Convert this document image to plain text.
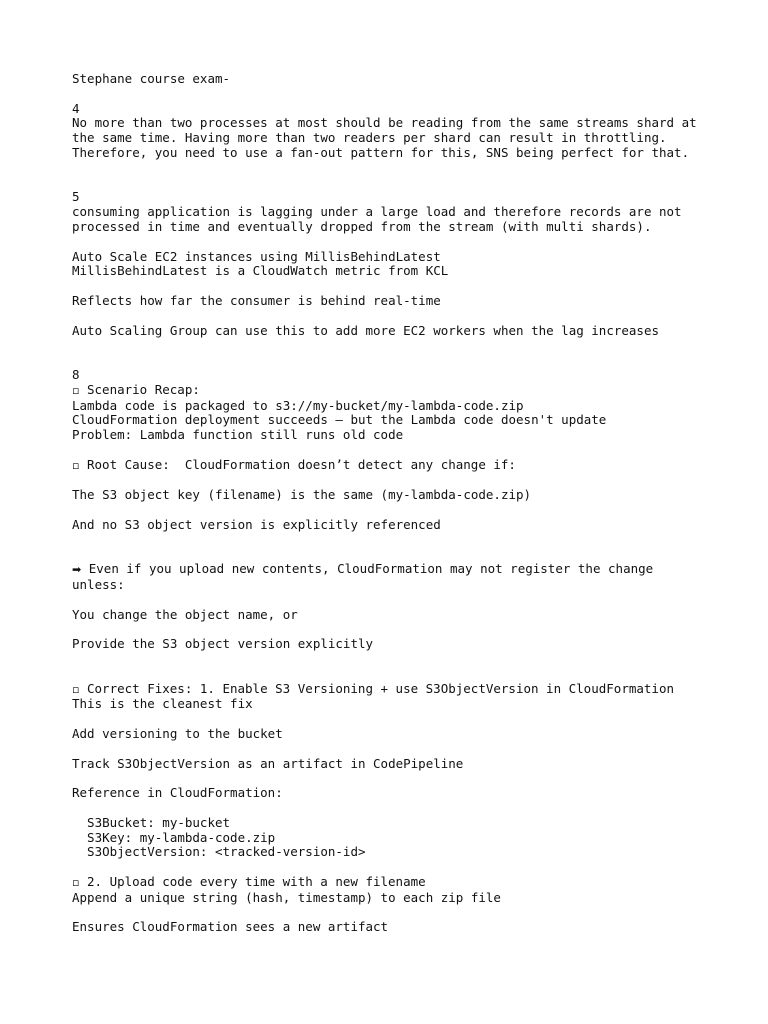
Stephane course exam-
4
No more than two processes at most should be reading from the same streams shard at
the same time. Having more than two readers per shard can result in throttling.
Therefore, you need to use a fan-out pattern for this, SNS being perfect for that.
5
consuming application is lagging under a large load and therefore records are not
processed in time and eventually dropped from the stream (with multi shards).
Auto Scale EC2 instances using MillisBehindLatest
MillisBehindLatest is a CloudWatch metric from KCL
Reflects how far the consumer is behind real-time
Auto Scaling Group can use this to add more EC2 workers when the lag increases
8
▫ Scenario Recap:
Lambda code is packaged to s3://my-bucket/my-lambda-code.zip
CloudFormation deployment succeeds — but the Lambda code doesn't update
Problem: Lambda function still runs old code
▫ Root Cause:  CloudFormation doesn’t detect any change if:
The S3 object key (filename) is the same (my-lambda-code.zip)
And no S3 object version is explicitly referenced
➡ Even if you upload new contents, CloudFormation may not register the change
unless:
You change the object name, or
Provide the S3 object version explicitly
▫ Correct Fixes: 1. Enable S3 Versioning + use S3ObjectVersion in CloudFormation
This is the cleanest fix
Add versioning to the bucket
Track S3ObjectVersion as an artifact in CodePipeline
Reference in CloudFormation:
S3Bucket: my-bucket
S3Key: my-lambda-code.zip
S3ObjectVersion: <tracked-version-id>
▫ 2. Upload code every time with a new filename
Append a unique string (hash, timestamp) to each zip file
Ensures CloudFormation sees a new artifact
